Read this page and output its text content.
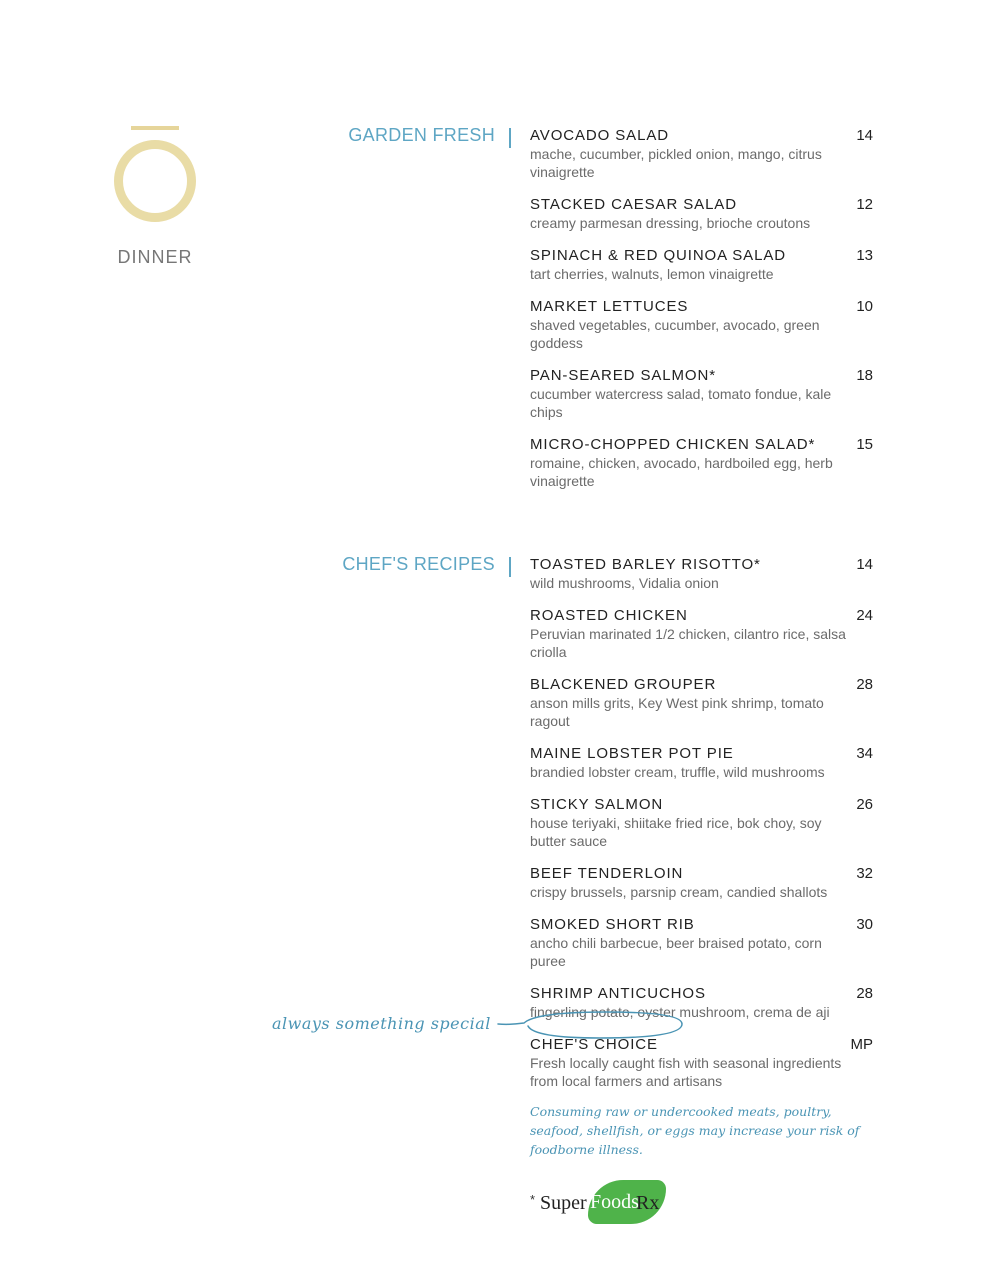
DINNER
GARDEN FRESH AVOCADO SALAD	14
mache, cucumber, pickled onion, mango, citrus vinaigrette
STACKED CAESAR SALAD	12
creamy parmesan dressing, brioche croutons
SPINACH & RED QUINOA SALAD	13
tart cherries, walnuts, lemon vinaigrette
MARKET LETTUCES	10
shaved vegetables, cucumber, avocado, green goddess
PAN-SEARED SALMON*	18
cucumber watercress salad, tomato fondue, kale chips
MICRO-CHOPPED CHICKEN SALAD*	15
romaine, chicken, avocado, hardboiled egg, herb vinaigrette
CHEF'S RECIPES TOASTED BARLEY RISOTTO*	14
wild mushrooms, Vidalia onion
ROASTED CHICKEN	24
Peruvian marinated 1/2 chicken, cilantro rice, salsa criolla
BLACKENED GROUPER	28
anson mills grits, Key West pink shrimp, tomato ragout
MAINE LOBSTER POT PIE	34
brandied lobster cream, truffle, wild mushrooms
STICKY SALMON	26
house teriyaki, shiitake fried rice, bok choy, soy butter sauce
BEEF TENDERLOIN	32
crispy brussels, parsnip cream, candied shallots
SMOKED SHORT RIB	30
ancho chili barbecue, beer braised potato, corn puree
SHRIMP ANTICUCHOS	28
fingerling potato, oyster mushroom, crema de aji
CHEF'S CHOICE	MP
Fresh locally caught fish with seasonal ingredients from local farmers and artisans
always something special
Consuming raw or undercooked meats, poultry, seafood, shellfish, or eggs may increase your risk of foodborne illness.
* Super Foods
Rx
